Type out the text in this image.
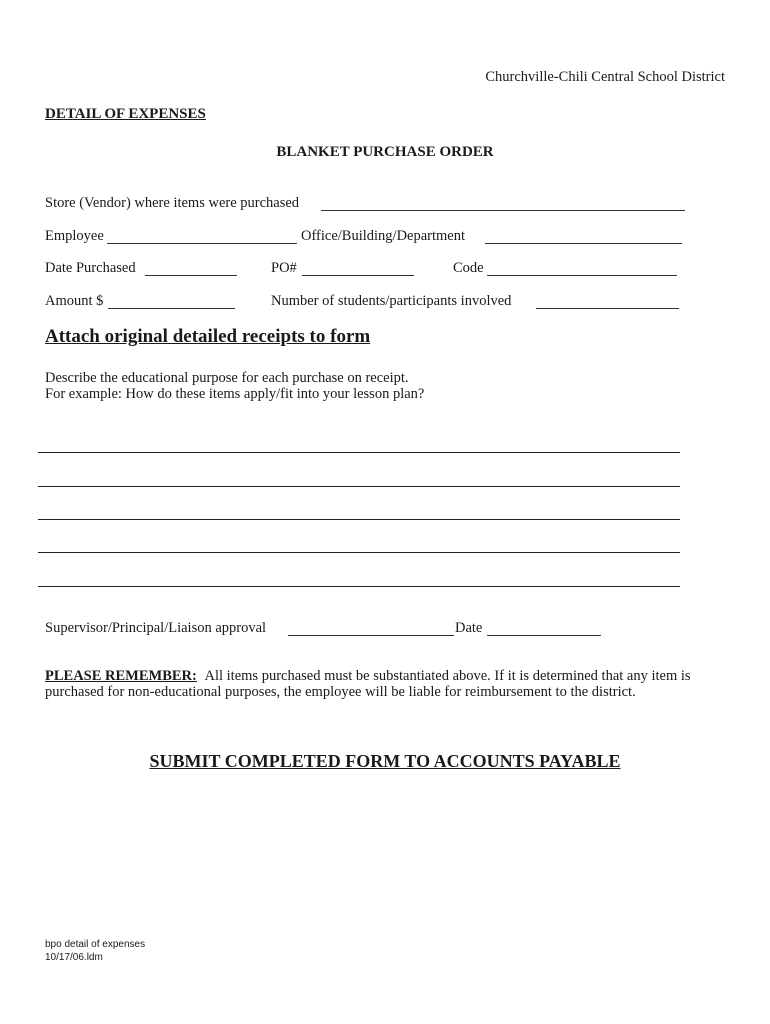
Churchville-Chili Central School District
DETAIL OF EXPENSES
BLANKET PURCHASE ORDER
Store (Vendor) where items were purchased
Employee	Office/Building/Department
Date Purchased	PO#	Code
Amount $	Number of students/participants involved
Attach original detailed receipts to form
Describe the educational purpose for each purchase on receipt.
For example: How do these items apply/fit into your lesson plan?
Supervisor/Principal/Liaison approval	Date
PLEASE REMEMBER: All items purchased must be substantiated above. If it is determined that any item is
purchased for non-educational purposes, the employee will be liable for reimbursement to the district.
SUBMIT COMPLETED FORM TO ACCOUNTS PAYABLE
bpo detail of expenses
10/17/06.ldm
